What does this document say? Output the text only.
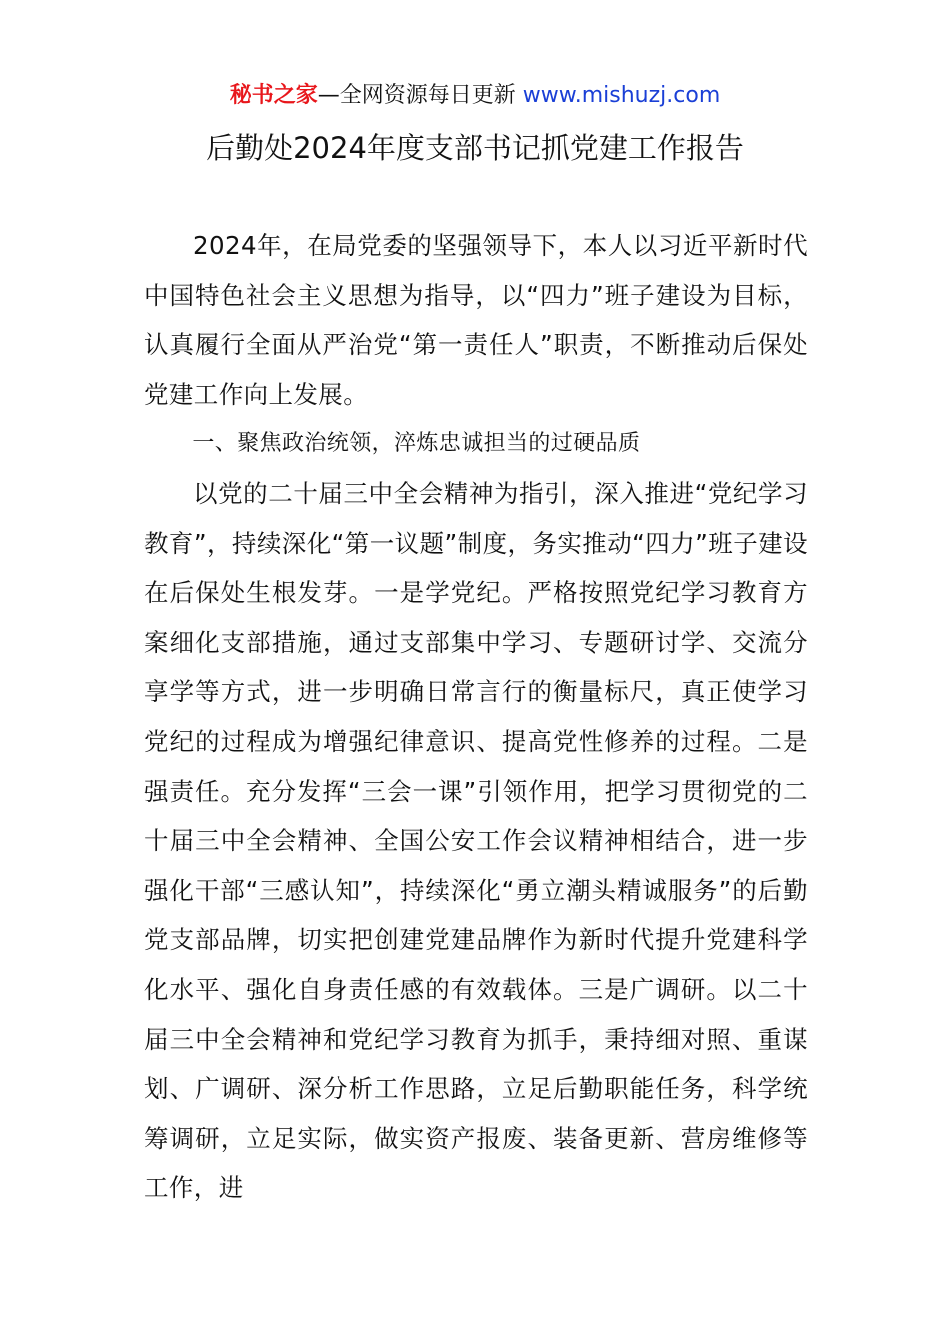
秘书之家—全网资源每日更新 www.mishuzj.com
后勤处2024年度支部书记抓党建工作报告

2024年，在局党委的坚强领导下，本人以习近平新时代中国特色社会主义思想为指导，以“四力”班子建设为目标，认真履行全面从严治党“第一责任人”职责，不断推动后保处党建工作向上发展。

一、聚焦政治统领，淬炼忠诚担当的过硬品质

以党的二十届三中全会精神为指引，深入推进“党纪学习教育”，持续深化“第一议题”制度，务实推动“四力”班子建设在后保处生根发芽。一是学党纪。严格按照党纪学习教育方案细化支部措施，通过支部集中学习、专题研讨学、交流分享学等方式，进一步明确日常言行的衡量标尺，真正使学习党纪的过程成为增强纪律意识、提高党性修养的过程。二是强责任。充分发挥“三会一课”引领作用，把学习贯彻党的二十届三中全会精神、全国公安工作会议精神相结合，进一步强化干部“三感认知”，持续深化“勇立潮头精诚服务”的后勤党支部品牌，切实把创建党建品牌作为新时代提升党建科学化水平、强化自身责任感的有效载体。三是广调研。以二十届三中全会精神和党纪学习教育为抓手，秉持细对照、重谋划、广调研、深分析工作思路，立足后勤职能任务，科学统筹调研，立足实际，做实资产报废、装备更新、营房维修等工作，进
